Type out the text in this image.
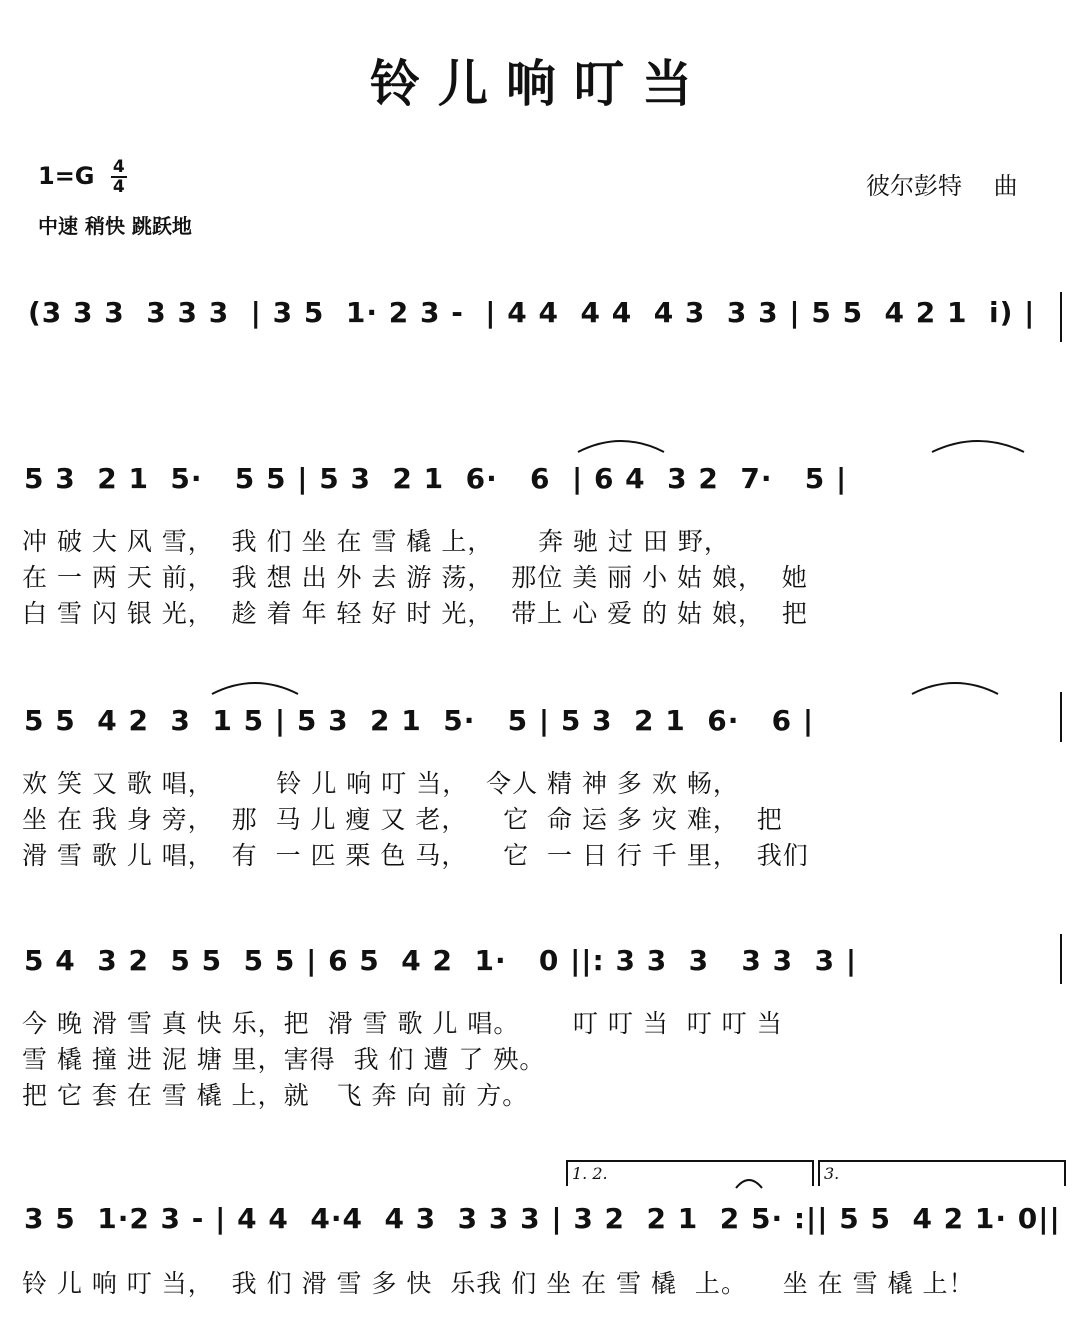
铃儿响叮当
$1=G \frac{4}{4}$
中速 稍快 跳跃地
彼尔彭特　 曲
(3 3 3  3 3 3  | 3 5  1· 2 3 -  | 4 4  4 4  4 3  3 3 | 5 5  4 2 1  i) |
5 3  2 1  5·   5 5 | 5 3  2 1  6·   6  | 6 4  3 2  7·   5 |
冲 破 大 风 雪，  我 们 坐 在 雪 橇 上，     奔 驰 过 田 野，
在 一 两 天 前，  我 想 出 外 去 游 荡，  那位 美 丽 小 姑 娘，  她
白 雪 闪 银 光，  趁 着 年 轻 好 时 光，  带上 心 爱 的 姑 娘，  把
5 5  4 2  3  1 5 | 5 3  2 1  5·   5 | 5 3  2 1  6·   6 |
欢 笑 又 歌 唱，       铃 儿 响 叮 当，  令人 精 神 多 欢 畅，
坐 在 我 身 旁，  那  马 儿 瘦 又 老，    它  命 运 多 灾 难，  把
滑 雪 歌 儿 唱，  有  一 匹 栗 色 马，    它  一 日 行 千 里，  我们
5 4  3 2  5 5  5 5 | 6 5  4 2  1·   0 ||: 3 3  3   3 3  3 |
今 晚 滑 雪 真 快 乐，把  滑 雪 歌 儿 唱。      叮 叮 当  叮 叮 当
雪 橇 撞 进 泥 塘 里，害得  我 们 遭 了 殃。
把 它 套 在 雪 橇 上，就   飞 奔 向 前 方。
1. 2.	3.
3 5  1·2 3 - | 4 4  4·4  4 3  3 3 3 | 3 2  2 1  2 5· :|| 5 5  4 2 1· 0||
铃 儿 响 叮 当，  我 们 滑 雪 多 快  乐我 们 坐 在 雪 橇  上。    坐 在 雪 橇 上！
